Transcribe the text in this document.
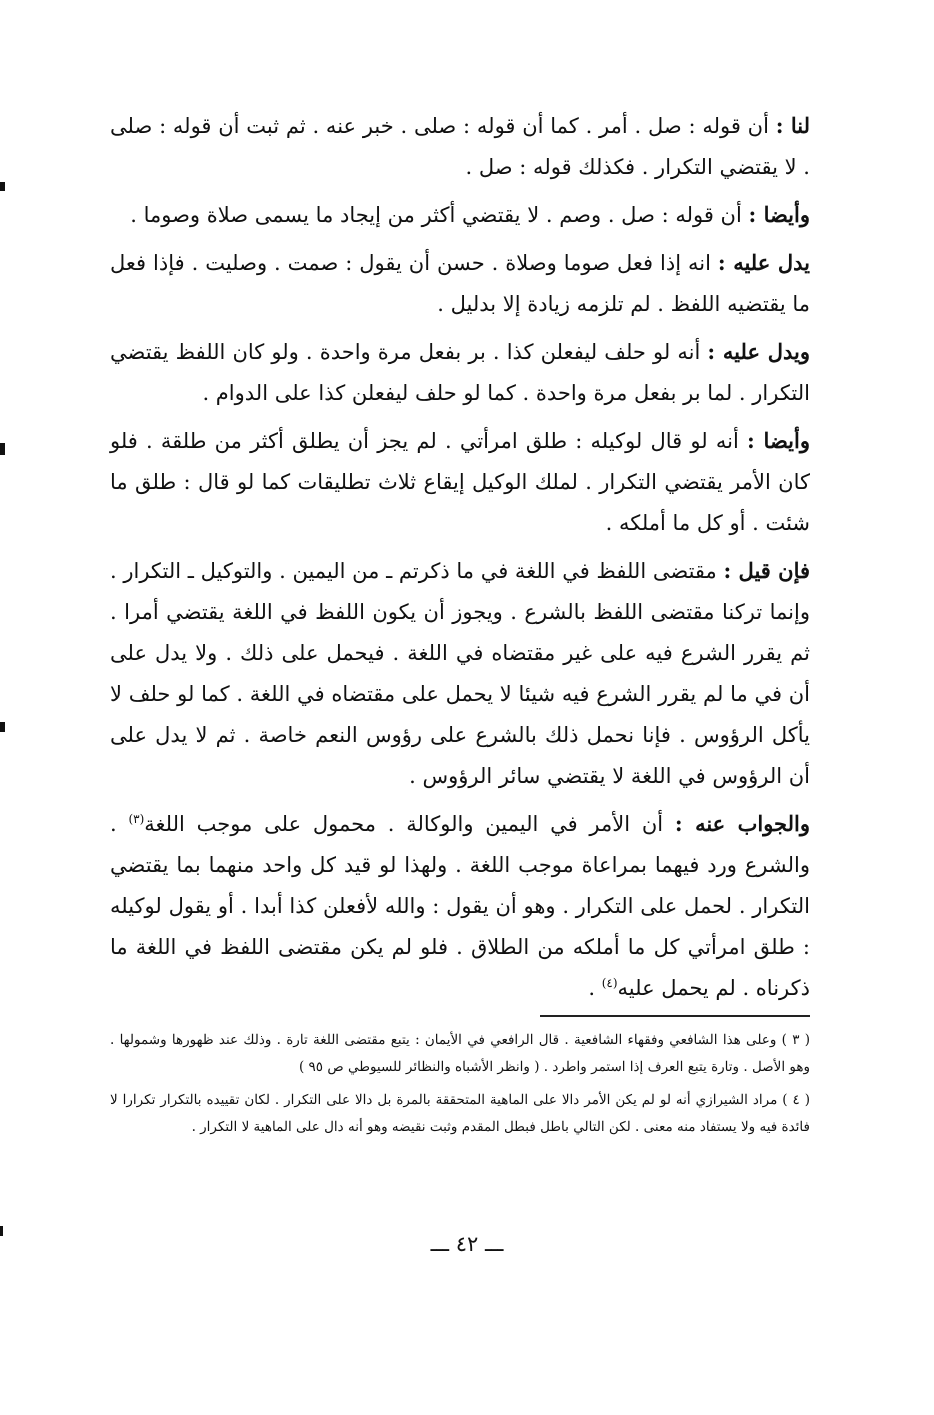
لنا : أن قوله : صل . أمر . كما أن قوله : صلى . خبر عنه . ثم ثبت أن قوله : صلى . لا يقتضي التكرار . فكذلك قوله : صل .

وأيضا : أن قوله : صل . وصم . لا يقتضي أكثر من إيجاد ما يسمى صلاة وصوما .

يدل عليه : انه إذا فعل صوما وصلاة . حسن أن يقول : صمت . وصليت . فإذا فعل ما يقتضيه اللفظ . لم تلزمه زيادة إلا بدليل .

ويدل عليه : أنه لو حلف ليفعلن كذا . بر بفعل مرة واحدة . ولو كان اللفظ يقتضي التكرار . لما بر بفعل مرة واحدة . كما لو حلف ليفعلن كذا على الدوام .

وأيضا : أنه لو قال لوكيله : طلق امرأتي . لم يجز أن يطلق أكثر من طلقة . فلو كان الأمر يقتضي التكرار . لملك الوكيل إيقاع ثلاث تطليقات كما لو قال : طلق ما شئت . أو كل ما أملكه .

فإن قيل : مقتضى اللفظ في اللغة في ما ذكرتم ـ من اليمين . والتوكيل ـ التكرار . وإنما تركنا مقتضى اللفظ بالشرع . ويجوز أن يكون اللفظ في اللغة يقتضي أمرا . ثم يقرر الشرع فيه على غير مقتضاه في اللغة . فيحمل على ذلك . ولا يدل على أن في ما لم يقرر الشرع فيه شيئا لا يحمل على مقتضاه في اللغة . كما لو حلف لا يأكل الرؤوس . فإنا نحمل ذلك بالشرع على رؤوس النعم خاصة . ثم لا يدل على أن الرؤوس في اللغة لا يقتضي سائر الرؤوس .

والجواب عنه : أن الأمر في اليمين والوكالة . محمول على موجب اللغة$^{(٣)}$ . والشرع ورد فيهما بمراعاة موجب اللغة . ولهذا لو قيد كل واحد منهما بما يقتضي التكرار . لحمل على التكرار . وهو أن يقول : والله لأفعلن كذا أبدا . أو يقول لوكيله : طلق امرأتي كل ما أملكه من الطلاق . فلو لم يكن مقتضى اللفظ في اللغة ما ذكرناه . لم يحمل عليه$^{(٤)}$ .

( ٣ ) وعلى هذا الشافعي وفقهاء الشافعية . قال الرافعي في الأيمان : يتبع مقتضى اللغة تارة . وذلك عند ظهورها وشمولها . وهو الأصل . وتارة يتبع العرف إذا استمر واطرد . ( وانظر الأشباه والنظائر للسيوطي ص ٩٥ )

( ٤ ) مراد الشيرازي أنه لو لم يكن الأمر دالا على الماهية المتحققة بالمرة بل دالا على التكرار . لكان تقييده بالتكرار تكرارا لا فائدة فيه ولا يستفاد منه معنى . لكن التالي باطل فبطل المقدم وثبت نقيضه وهو أنه دال على الماهية لا التكرار .

ـــ ٤٢ ـــ
